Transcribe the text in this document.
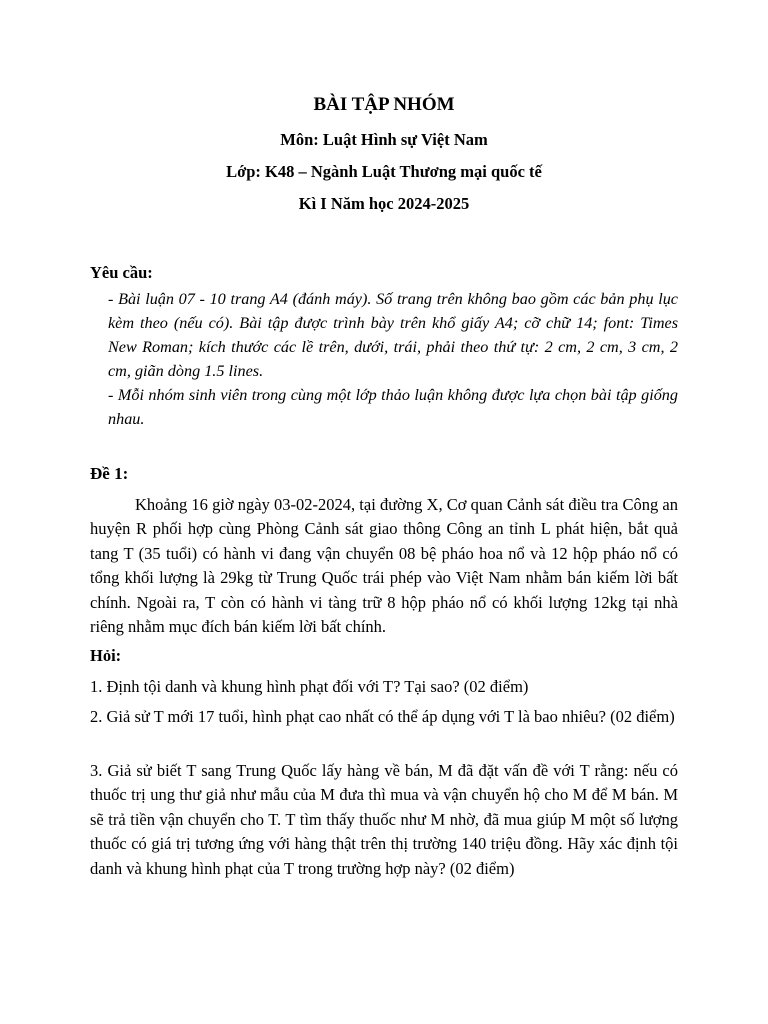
BÀI TẬP NHÓM
Môn: Luật Hình sự Việt Nam
Lớp: K48 – Ngành Luật Thương mại quốc tế
Kì I Năm học 2024-2025
Yêu cầu:

- Bài luận 07 - 10 trang A4 (đánh máy). Số trang trên không bao gồm các bản phụ lục kèm theo (nếu có). Bài tập được trình bày trên khổ giấy A4; cỡ chữ 14; font: Times New Roman; kích thước các lề trên, dưới, trái, phải theo thứ tự: 2 cm, 2 cm, 3 cm, 2 cm, giãn dòng 1.5 lines.

- Mỗi nhóm sinh viên trong cùng một lớp thảo luận không được lựa chọn bài tập giống nhau.

Đề 1:

Khoảng 16 giờ ngày 03-02-2024, tại đường X, Cơ quan Cảnh sát điều tra Công an huyện R phối hợp cùng Phòng Cảnh sát giao thông Công an tỉnh L phát hiện, bắt quả tang T (35 tuổi) có hành vi đang vận chuyển 08 bệ pháo hoa nổ và 12 hộp pháo nổ có tổng khối lượng là 29kg từ Trung Quốc trái phép vào Việt Nam nhằm bán kiếm lời bất chính. Ngoài ra, T còn có hành vi tàng trữ 8 hộp pháo nổ có khối lượng 12kg tại nhà riêng nhằm mục đích bán kiếm lời bất chính.

Hỏi:

1. Định tội danh và khung hình phạt đối với T? Tại sao? (02 điểm)

2. Giả sử T mới 17 tuổi, hình phạt cao nhất có thể áp dụng với T là bao nhiêu? (02 điểm)

3. Giả sử biết T sang Trung Quốc lấy hàng về bán, M đã đặt vấn đề với T rằng: nếu có thuốc trị ung thư giả như mẫu của M đưa thì mua và vận chuyển hộ cho M để M bán. M sẽ trả tiền vận chuyển cho T. T tìm thấy thuốc như M nhờ, đã mua giúp M một số lượng thuốc có giá trị tương ứng với hàng thật trên thị trường 140 triệu đồng. Hãy xác định tội danh và khung hình phạt của T trong trường hợp này? (02 điểm)
